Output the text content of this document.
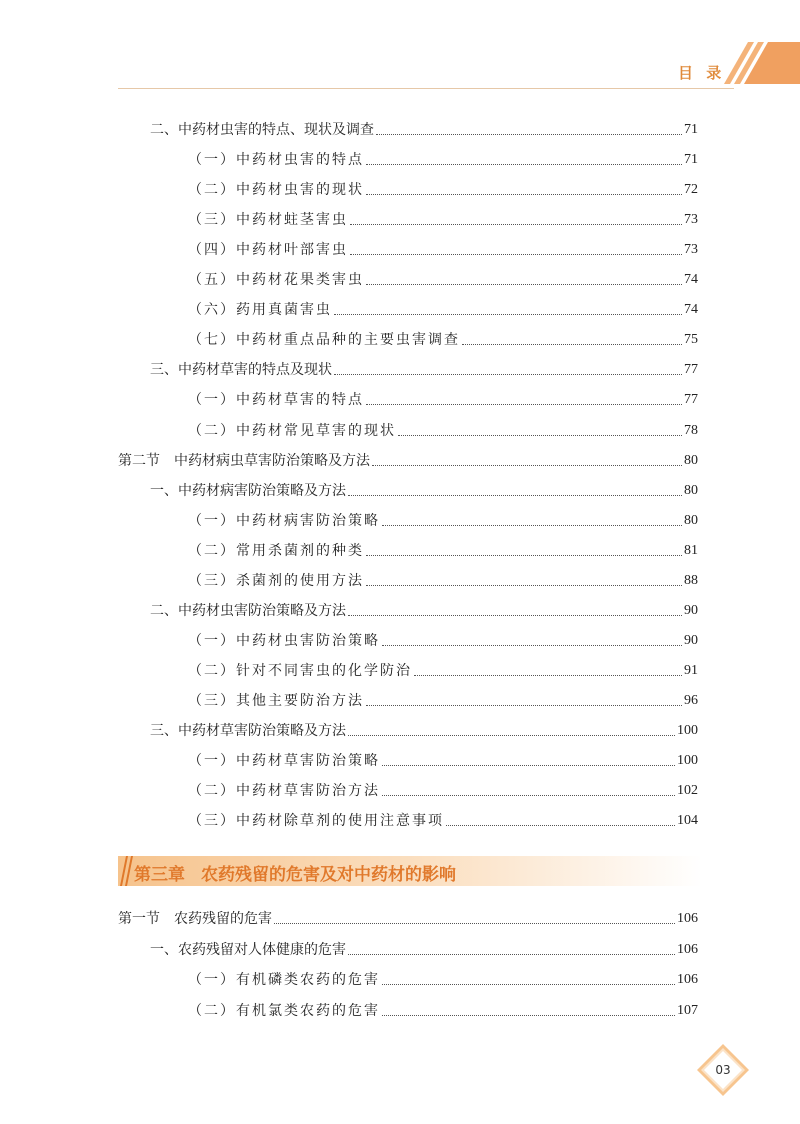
目 录
二、中药材虫害的特点、现状及调查	71
（一）中药材虫害的特点	71
（二）中药材虫害的现状	72
（三）中药材蛀茎害虫	73
（四）中药材叶部害虫	73
（五）中药材花果类害虫	74
（六）药用真菌害虫	74
（七）中药材重点品种的主要虫害调查	75
三、中药材草害的特点及现状	77
（一）中药材草害的特点	77
（二）中药材常见草害的现状	78
第二节　中药材病虫草害防治策略及方法	80
一、中药材病害防治策略及方法	80
（一）中药材病害防治策略	80
（二）常用杀菌剂的种类	81
（三）杀菌剂的使用方法	88
二、中药材虫害防治策略及方法	90
（一）中药材虫害防治策略	90
（二）针对不同害虫的化学防治	91
（三）其他主要防治方法	96
三、中药材草害防治策略及方法	100
（一）中药材草害防治策略	100
（二）中药材草害防治方法	102
（三）中药材除草剂的使用注意事项	104
第一节　农药残留的危害	106
一、农药残留对人体健康的危害	106
（一）有机磷类农药的危害	106
（二）有机氯类农药的危害	107
第三章 农药残留的危害及对中药材的影响
03
